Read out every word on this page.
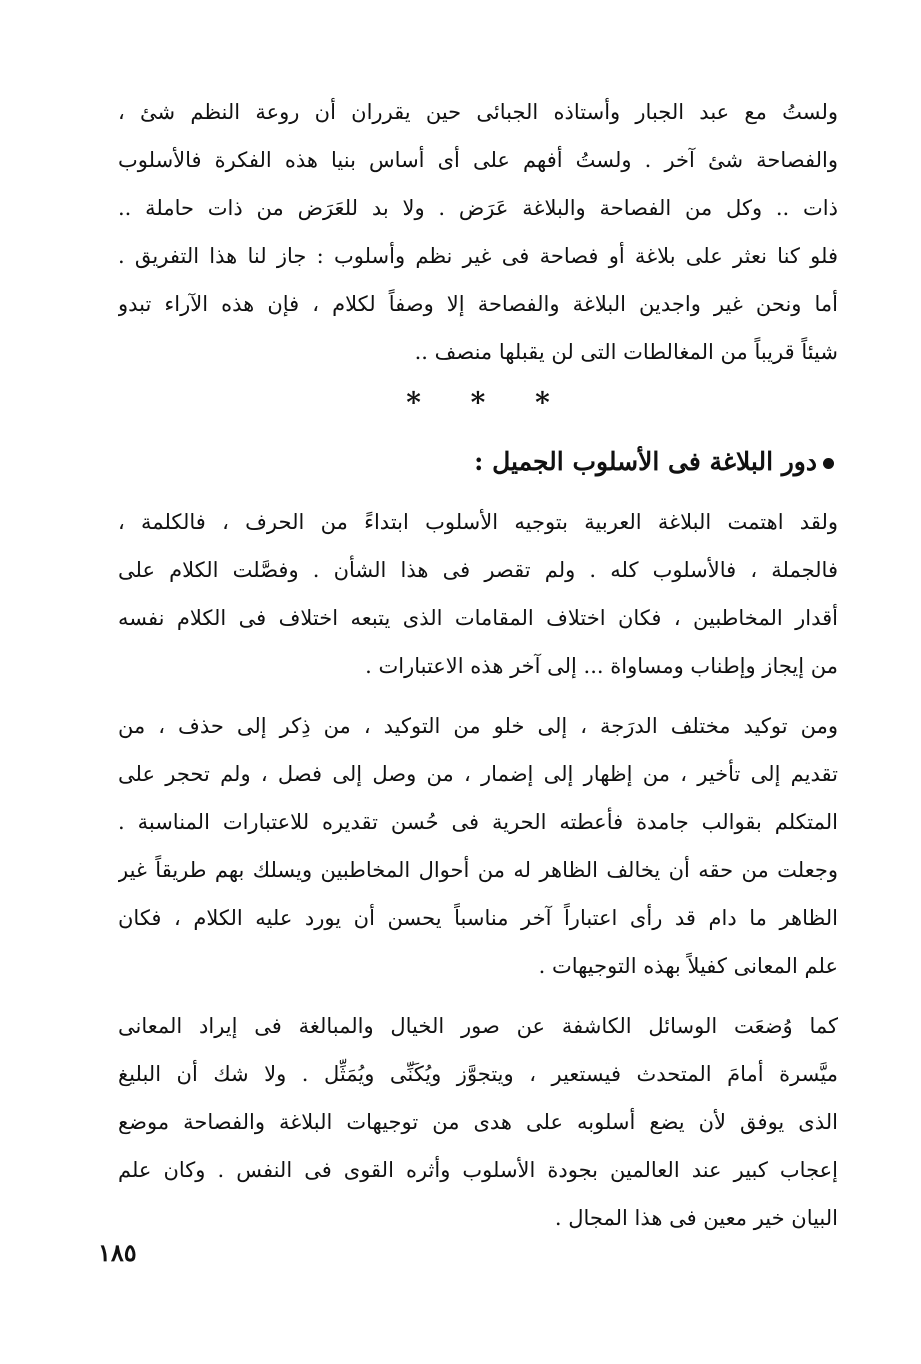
ولستُ مع عبد الجبار وأستاذه الجبائى حين يقرران أن روعة النظم شئ ،
والفصاحة شئ آخر . ولستُ أفهم على أى أساس بنيا هذه الفكرة فالأسلوب
ذات .. وكل من الفصاحة والبلاغة عَرَض . ولا بد للعَرَض من ذات حاملة ..
فلو كنا نعثر على بلاغة أو فصاحة فى غير نظم وأسلوب : جاز لنا هذا التفريق .
أما ونحن غير واجدين البلاغة والفصاحة إلا وصفاً لكلام ، فإن هذه الآراء تبدو
شيئاً قريباً من المغالطات التى لن يقبلها منصف ..
* * *
دور البلاغة فى الأسلوب الجميل :
ولقد اهتمت البلاغة العربية بتوجيه الأسلوب ابتداءً من الحرف ، فالكلمة ،
فالجملة ، فالأسلوب كله . ولم تقصر فى هذا الشأن . وفصَّلت الكلام على
أقدار المخاطبين ، فكان اختلاف المقامات الذى يتبعه اختلاف فى الكلام نفسه
من إيجاز وإطناب ومساواة ... إلى آخر هذه الاعتبارات .
ومن توكيد مختلف الدرَجة ، إلى خلو من التوكيد ، من ذِكر إلى حذف ، من
تقديم إلى تأخير ، من إظهار إلى إضمار ، من وصل إلى فصل ، ولم تحجر على
المتكلم بقوالب جامدة فأعطته الحرية فى حُسن تقديره للاعتبارات المناسبة .
وجعلت من حقه أن يخالف الظاهر له من أحوال المخاطبين ويسلك بهم طريقاً غير
الظاهر ما دام قد رأى اعتباراً آخر مناسباً يحسن أن يورد عليه الكلام ، فكان
علم المعانى كفيلاً بهذه التوجيهات .
كما وُضعَت الوسائل الكاشفة عن صور الخيال والمبالغة فى إيراد المعانى
ميَّسرة أمامَ المتحدث فيستعير ، ويتجوَّز ويُكَنِّى ويُمَثِّل . ولا شك أن البليغ
الذى يوفق لأن يضع أسلوبه على هدى من توجيهات البلاغة والفصاحة موضع
إعجاب كبير عند العالمين بجودة الأسلوب وأثره القوى فى النفس . وكان علم
البيان خير معين فى هذا المجال .
١٨٥
